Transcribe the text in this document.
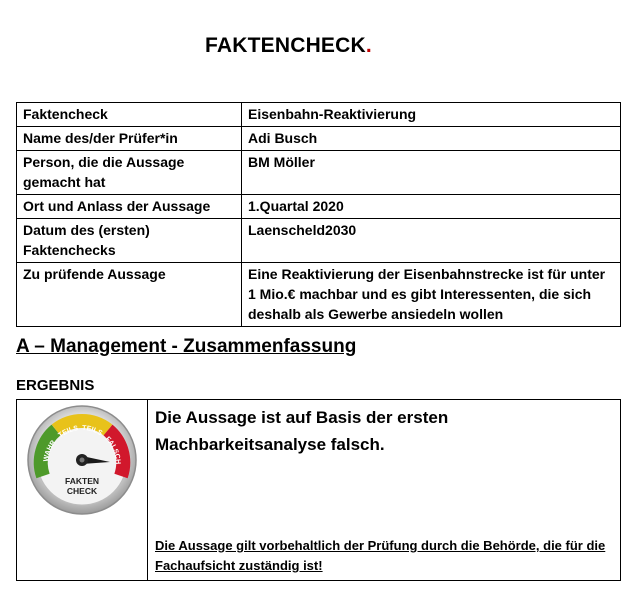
FAKTENCHECK.
Faktencheck	Eisenbahn-Reaktivierung
Name des/der Prüfer*in	Adi Busch
Person, die die Aussage gemacht hat	BM Möller
Ort und Anlass der Aussage	1.Quartal 2020
Datum des (ersten) Faktenchecks	Laenscheld2030
Zu prüfende Aussage	Eine Reaktivierung der Eisenbahnstrecke ist für unter 1 Mio.€ machbar und es gibt Interessenten, die sich deshalb als Gewerbe ansiedeln wollen
A – Management - Zusammenfassung
ERGEBNIS
WAHR
TEILS TEILS
FALSCH
FAKTEN
CHECK
Die Aussage ist auf Basis der ersten Machbarkeitsanalyse falsch.
Die Aussage gilt vorbehaltlich der Prüfung durch die Behörde, die für die Fachaufsicht zuständig ist!
